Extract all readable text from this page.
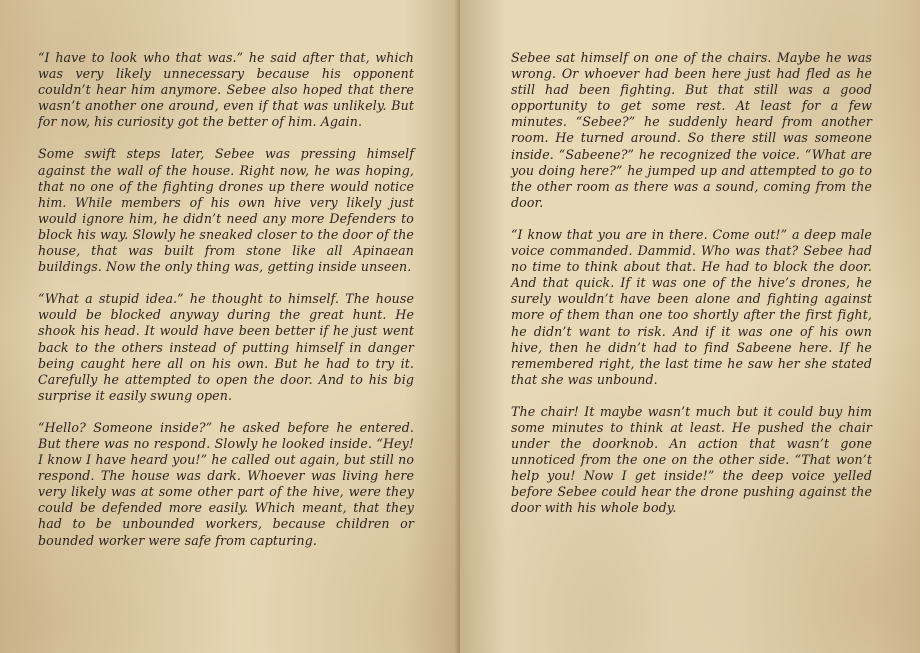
“I have to look who that was.” he said after that, which was very likely unnecessary because his opponent couldn’t hear him anymore. Sebee also hoped that there wasn’t another one around, even if that was unlikely. But for now, his curiosity got the better of him. Again.

Some swift steps later, Sebee was pressing himself against the wall of the house. Right now, he was hoping, that no one of the fighting drones up there would notice him. While members of his own hive very likely just would ignore him, he didn’t need any more Defenders to block his way. Slowly he sneaked closer to the door of the house, that was built from stone like all Apinaean buildings. Now the only thing was, getting inside unseen.

“What a stupid idea.” he thought to himself. The house would be blocked anyway during the great hunt. He shook his head. It would have been better if he just went back to the others instead of putting himself in danger being caught here all on his own. But he had to try it. Carefully he attempted to open the door. And to his big surprise it easily swung open.

“Hello? Someone inside?” he asked before he entered. But there was no respond. Slowly he looked inside. “Hey! I know I have heard you!” he called out again, but still no respond. The house was dark. Whoever was living here very likely was at some other part of the hive, were they could be defended more easily. Which meant, that they had to be unbounded workers, because children or bounded worker were safe from capturing.

Sebee sat himself on one of the chairs. Maybe he was wrong. Or whoever had been here just had fled as he still had been fighting. But that still was a good opportunity to get some rest. At least for a few minutes. “Sebee?” he suddenly heard from another room. He turned around. So there still was someone inside. “Sabeene?” he recognized the voice. “What are you doing here?” he jumped up and attempted to go to the other room as there was a sound, coming from the door.

“I know that you are in there. Come out!” a deep male voice commanded. Dammid. Who was that? Sebee had no time to think about that. He had to block the door. And that quick. If it was one of the hive’s drones, he surely wouldn’t have been alone and fighting against more of them than one too shortly after the first fight, he didn’t want to risk. And if it was one of his own hive, then he didn’t had to find Sabeene here. If he remembered right, the last time he saw her she stated that she was unbound.

The chair! It maybe wasn’t much but it could buy him some minutes to think at least. He pushed the chair under the doorknob. An action that wasn’t gone unnoticed from the one on the other side. “That won’t help you! Now I get inside!” the deep voice yelled before Sebee could hear the drone pushing against the door with his whole body.
